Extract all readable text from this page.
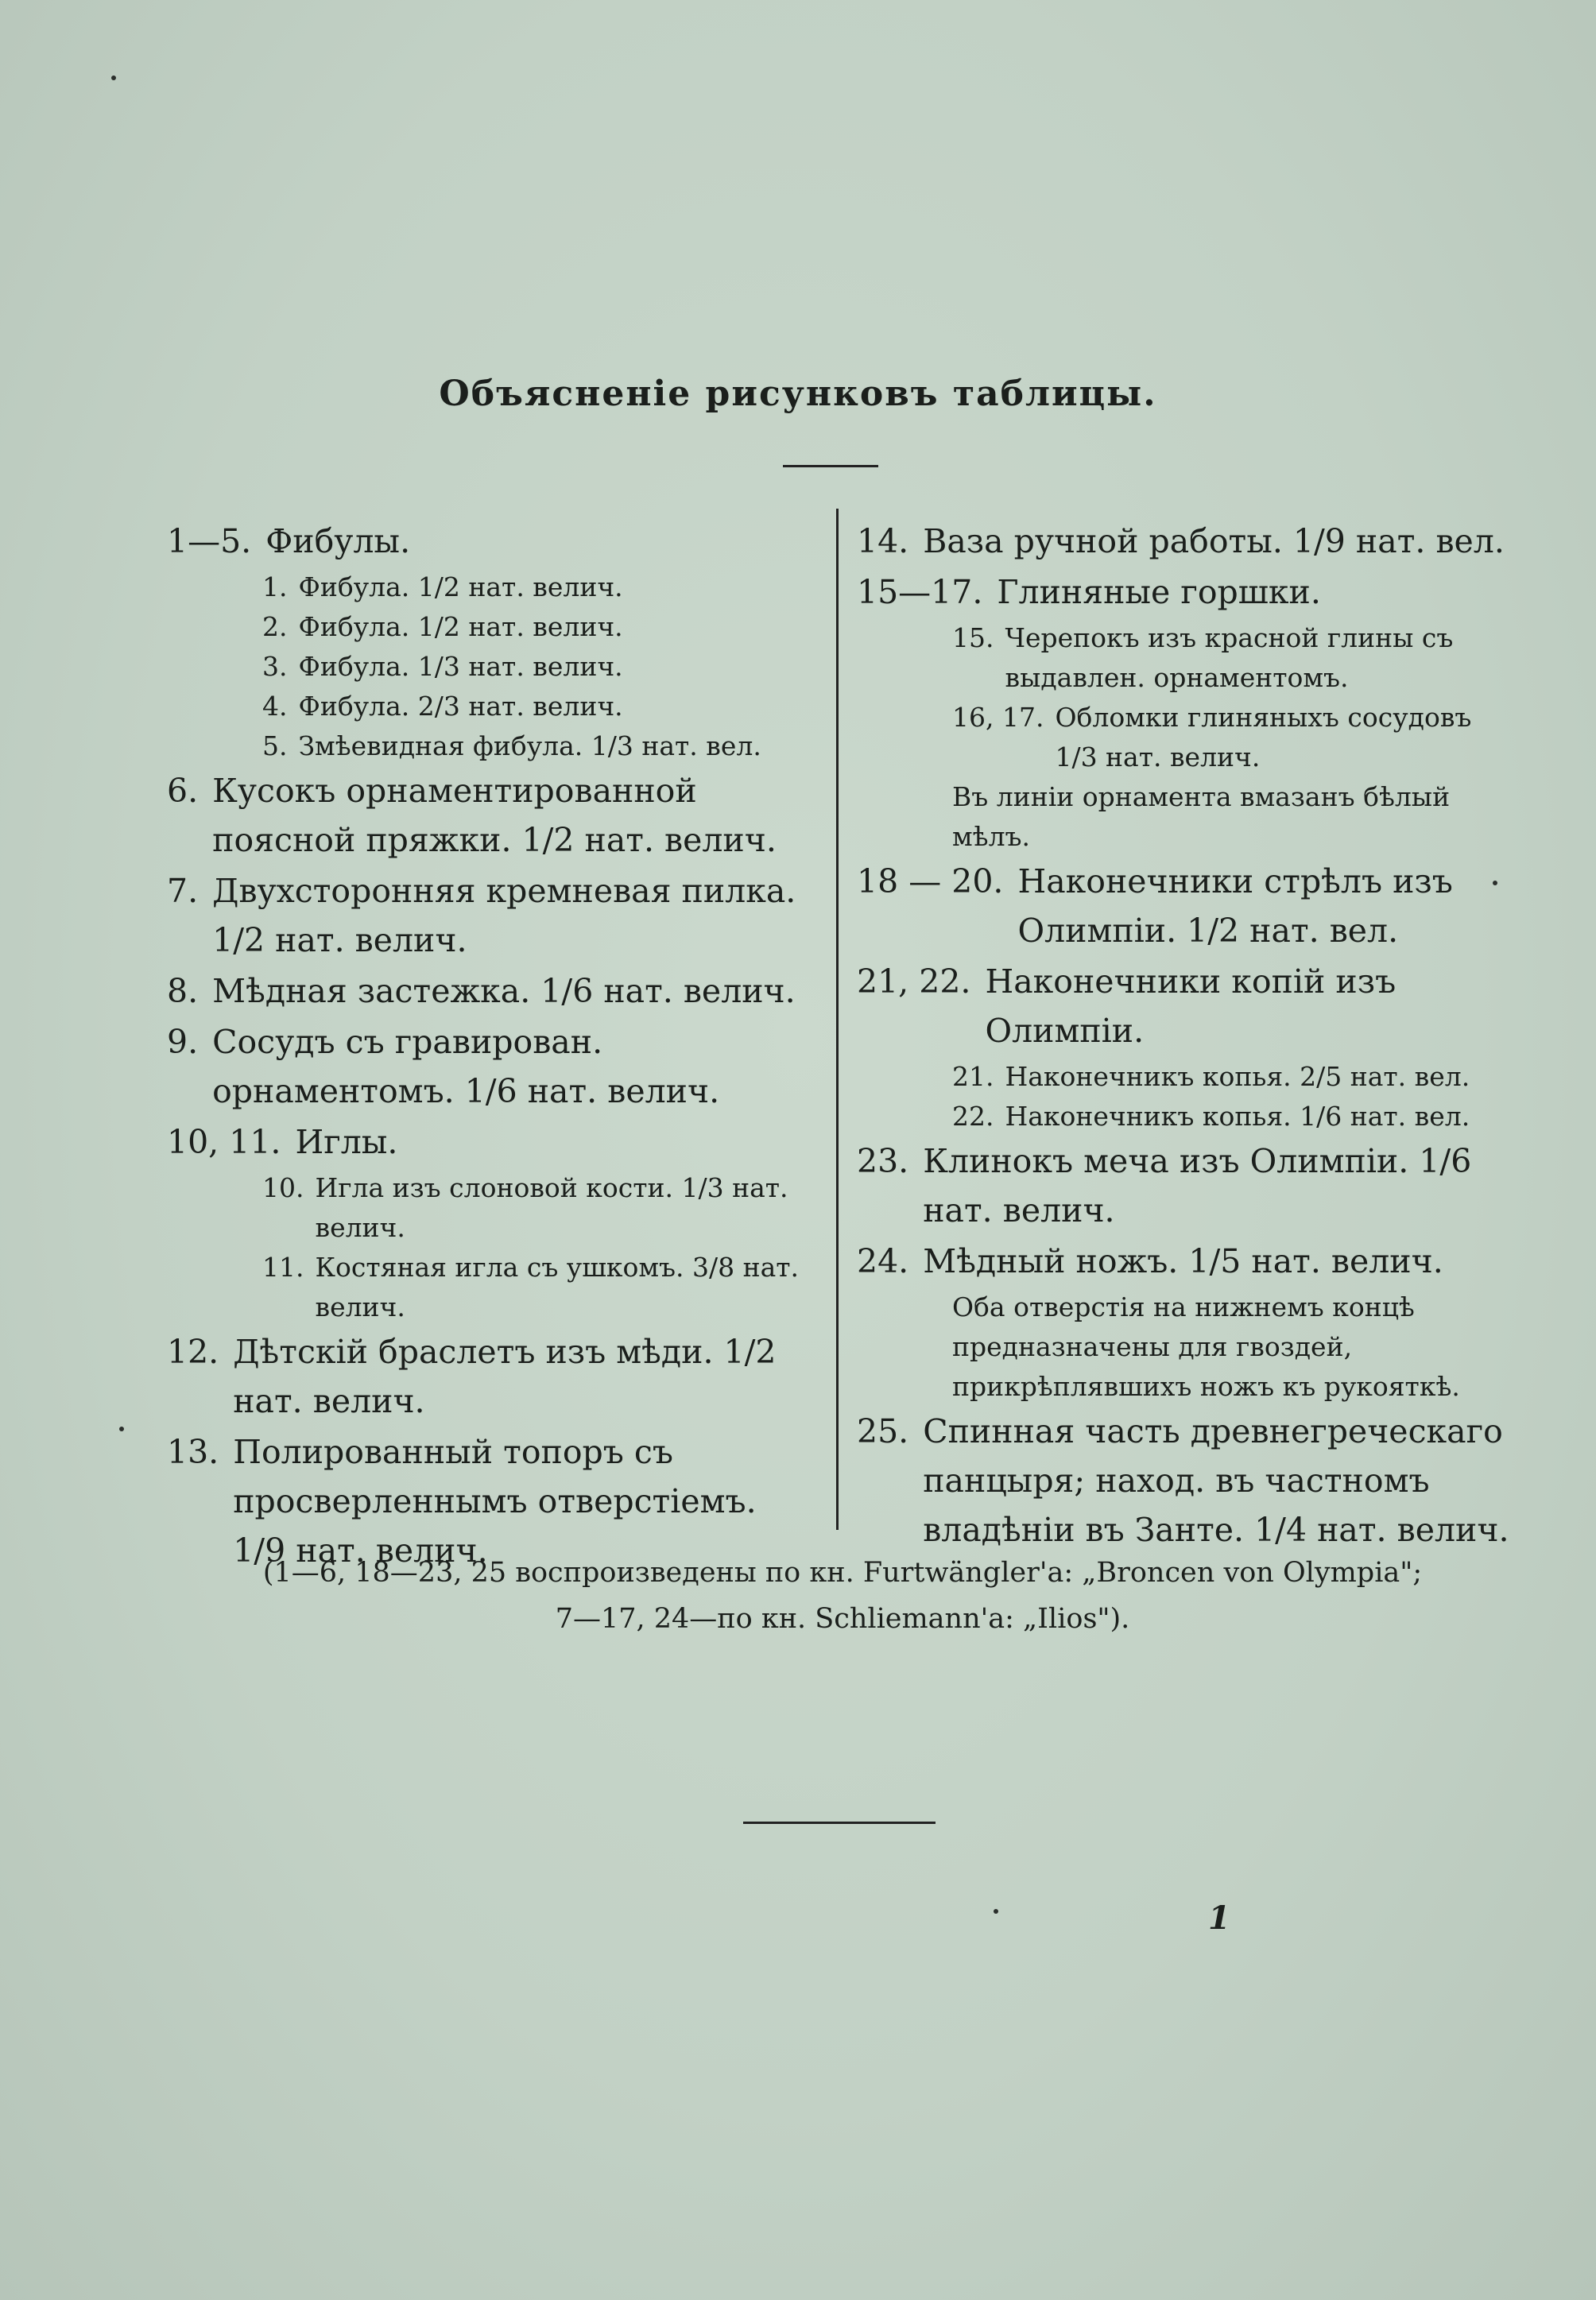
Объясненіе рисунковъ таблицы.
1—5. Фибулы.
1. Фибула. 1/2 нат. велич.
2. Фибула. 1/2 нат. велич.
3. Фибула. 1/3 нат. велич.
4. Фибула. 2/3 нат. велич.
5. Змѣевидная фибула. 1/3 нат. вел.
6. Кусокъ орнаментированной поясной пряжки. 1/2 нат. велич.
7. Двухсторонняя кремневая пилка. 1/2 нат. велич.
8. Мѣдная застежка. 1/6 нат. велич.
9. Сосудъ съ гравирован. орнаментомъ. 1/6 нат. велич.
10, 11. Иглы.
10. Игла изъ слоновой кости. 1/3 нат. велич.
11. Костяная игла съ ушкомъ. 3/8 нат. велич.
12. Дѣтскій браслетъ изъ мѣди. 1/2 нат. велич.
13. Полированный топоръ съ просверленнымъ отверстіемъ. 1/9 нат. велич.
14. Ваза ручной работы. 1/9 нат. вел.
15—17. Глиняные горшки.
15. Черепокъ изъ красной глины съ выдавлен. орнаментомъ.
16, 17. Обломки глиняныхъ сосудовъ 1/3 нат. велич.
Въ линіи орнамента вмазанъ бѣлый мѣлъ.
18 — 20. Наконечники стрѣлъ изъ Олимпіи. 1/2 нат. вел.
21, 22. Наконечники копій изъ Олимпіи.
21. Наконечникъ копья. 2/5 нат. вел.
22. Наконечникъ копья. 1/6 нат. вел.
23. Клинокъ меча изъ Олимпіи. 1/6 нат. велич.
24. Мѣдный ножъ. 1/5 нат. велич.
Оба отверстія на нижнемъ концѣ предназначены для гвоздей, прикрѣплявшихъ ножъ къ рукояткѣ.
25. Спинная часть древнегреческаго панцыря; наход. въ частномъ владѣніи въ Занте. 1/4 нат. велич.
(1—6, 18—23, 25 воспроизведены по кн. Furtwängler'a: „Broncen von Olympia";
7—17, 24—по кн. Schliemann'a: „Ilios").
1
